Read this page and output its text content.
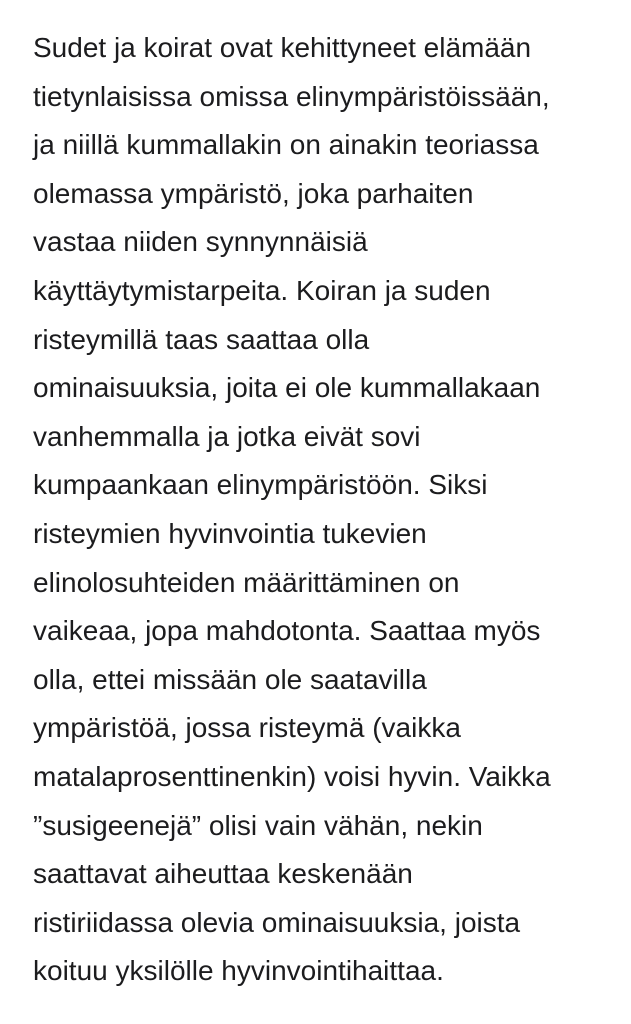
Sudet ja koirat ovat kehittyneet elämään
tietynlaisissa omissa elinympäristöissään,
ja niillä kummallakin on ainakin teoriassa
olemassa ympäristö, joka parhaiten
vastaa niiden synnynnäisiä
käyttäytymistarpeita. Koiran ja suden
risteymillä taas saattaa olla
ominaisuuksia, joita ei ole kummallakaan
vanhemmalla ja jotka eivät sovi
kumpaankaan elinympäristöön. Siksi
risteymien hyvinvointia tukevien
elinolosuhteiden määrittäminen on
vaikeaa, jopa mahdotonta. Saattaa myös
olla, ettei missään ole saatavilla
ympäristöä, jossa risteymä (vaikka
matalaprosenttinenkin) voisi hyvin. Vaikka
”susigeenejä” olisi vain vähän, nekin
saattavat aiheuttaa keskenään
ristiriidassa olevia ominaisuuksia, joista
koituu yksilölle hyvinvointihaittaa.
